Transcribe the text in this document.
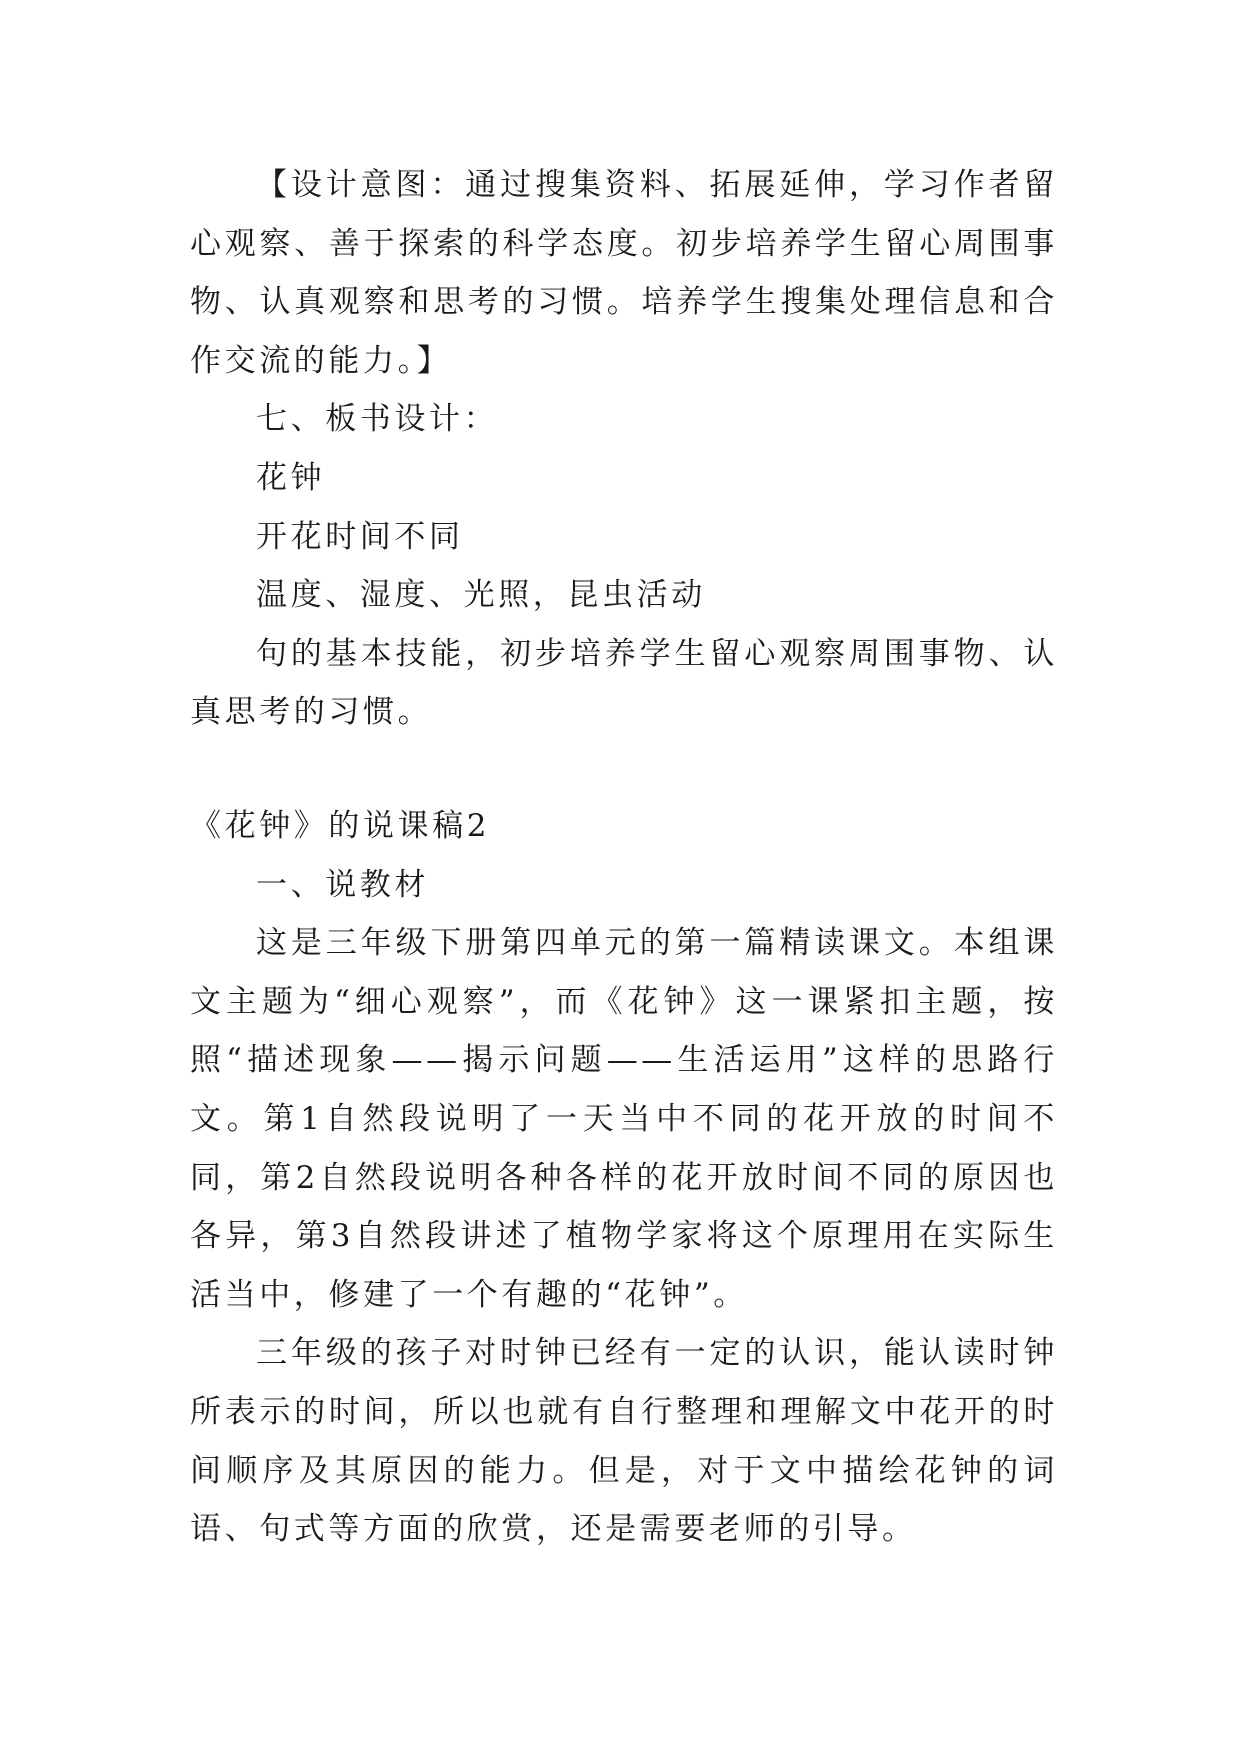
【设计意图：通过搜集资料、拓展延伸，学习作者留心观察、善于探索的科学态度。初步培养学生留心周围事物、认真观察和思考的习惯。培养学生搜集处理信息和合作交流的能力。】

七、板书设计：

花钟

开花时间不同

温度、湿度、光照，昆虫活动

句的基本技能，初步培养学生留心观察周围事物、认真思考的习惯。

《花钟》的说课稿2

一、说教材

这是三年级下册第四单元的第一篇精读课文。本组课文主题为“细心观察”，而《花钟》这一课紧扣主题，按照“描述现象——揭示问题——生活运用”这样的思路行文。第1自然段说明了一天当中不同的花开放的时间不同，第2自然段说明各种各样的花开放时间不同的原因也各异，第3自然段讲述了植物学家将这个原理用在实际生活当中，修建了一个有趣的“花钟”。

三年级的孩子对时钟已经有一定的认识，能认读时钟所表示的时间，所以也就有自行整理和理解文中花开的时间顺序及其原因的能力。但是，对于文中描绘花钟的词语、句式等方面的欣赏，还是需要老师的引导。
